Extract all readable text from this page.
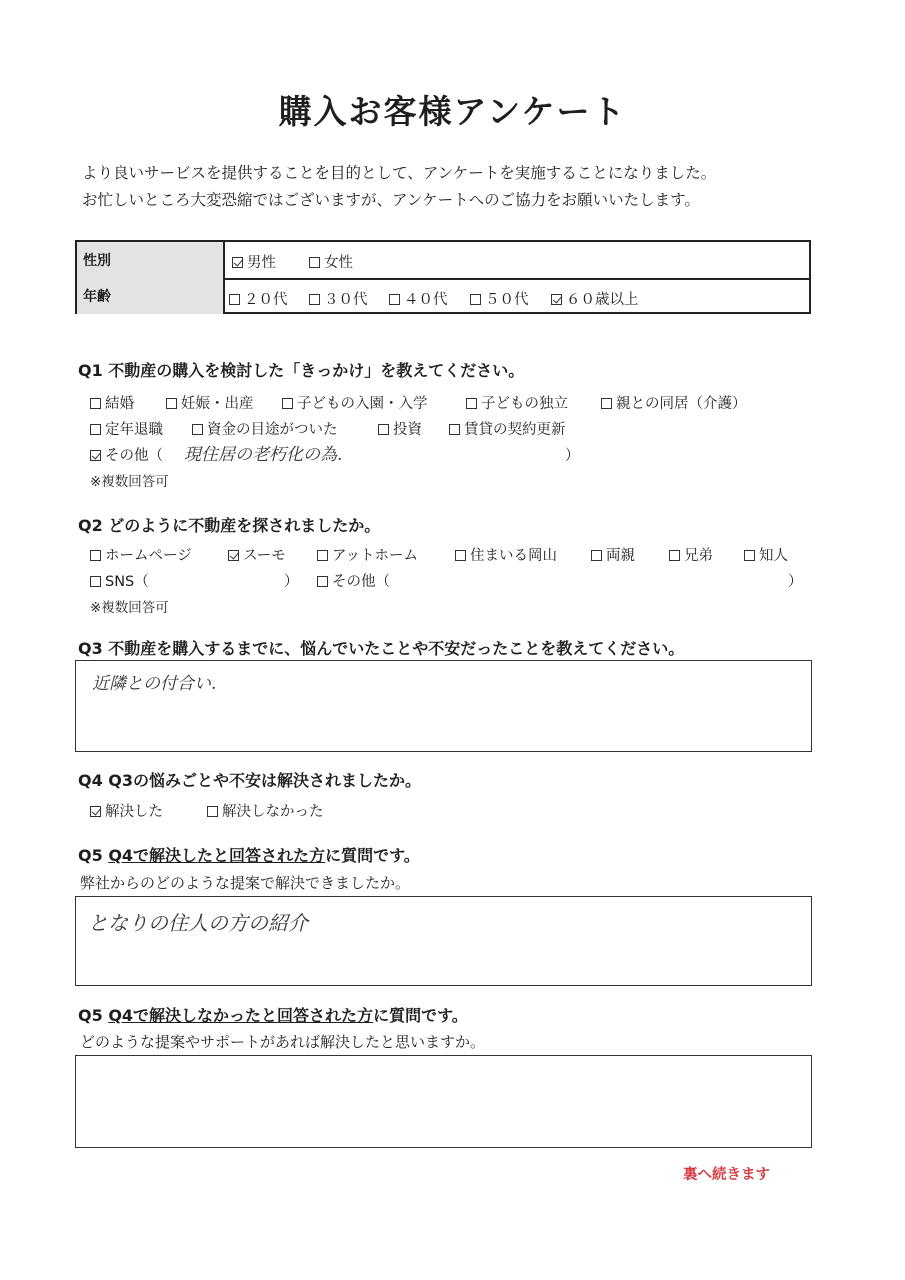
購入お客様アンケート
より良いサービスを提供することを目的として、アンケートを実施することになりました。
お忙しいところ大変恐縮ではございますが、アンケートへのご協力をお願いいたします。
性別	男性	女性
年齢	２０代	３０代	４０代	５０代	６０歳以上
Q1 不動産の購入を検討した「きっかけ」を教えてください。
結婚	妊娠・出産	子どもの入園・入学	子どもの独立	親との同居（介護）
定年退職	資金の目途がついた	投資	賃貸の契約更新
その他（ 現住居の老朽化の為.	）
※複数回答可
Q2 どのように不動産を探されましたか。
ホームページ	スーモ	アットホーム	住まいる岡山	両親	兄弟	知人
SNS（	）	その他（	）
※複数回答可
Q3 不動産を購入するまでに、悩んでいたことや不安だったことを教えてください。
近隣との付合い.
Q4 Q3の悩みごとや不安は解決されましたか。
解決した	解決しなかった
Q5 Q4で解決したと回答された方に質問です。
弊社からのどのような提案で解決できましたか。
となりの住人の方の紹介
Q5 Q4で解決しなかったと回答された方に質問です。
どのような提案やサポートがあれば解決したと思いますか。
裏へ続きます
